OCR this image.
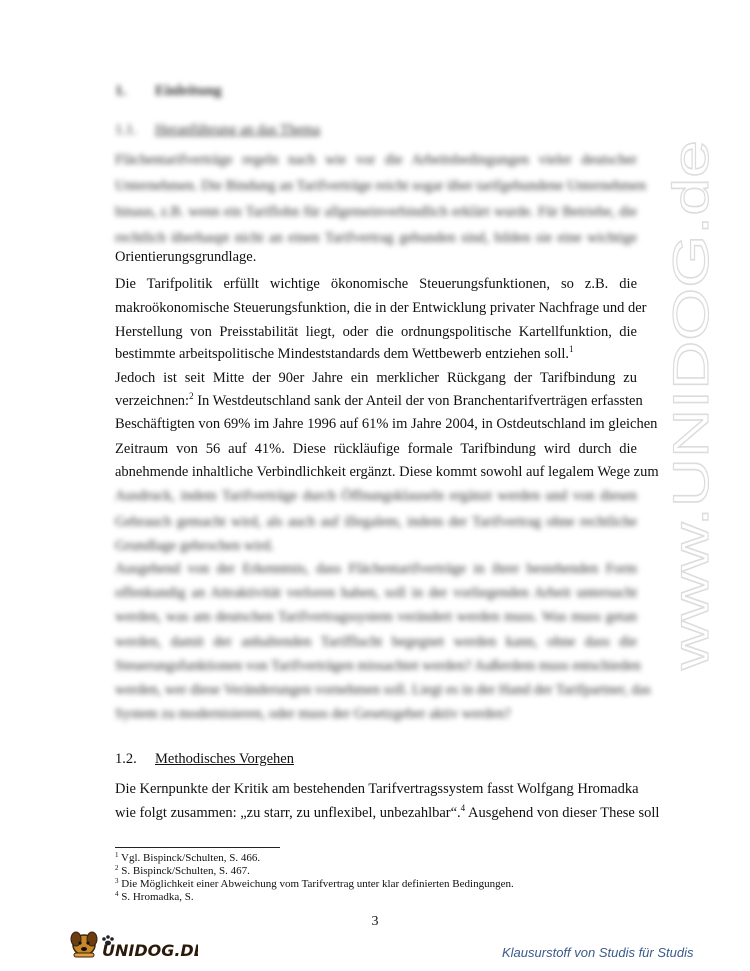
1. Einleitung
1.1. Heranführung an das Thema
Flächentarifverträge regeln nach wie vor die Arbeitsbedingungen vieler deutscher
Unternehmen. Die Bindung an Tarifverträge reicht sogar über tarifgebundene Unternehmen
hinaus, z.B. wenn ein Tariflohn für allgemeinverbindlich erklärt wurde. Für Betriebe, die
rechtlich überhaupt nicht an einen Tarifvertrag gebunden sind, bilden sie eine wichtige
Orientierungsgrundlage.
Die Tarifpolitik erfüllt wichtige ökonomische Steuerungsfunktionen, so z.B. die
makroökonomische Steuerungsfunktion, die in der Entwicklung privater Nachfrage und der
Herstellung von Preisstabilität liegt, oder die ordnungspolitische Kartellfunktion, die
bestimmte arbeitspolitische Mindeststandards dem Wettbewerb entziehen soll.$^1$
Jedoch ist seit Mitte der 90er Jahre ein merklicher Rückgang der Tarifbindung zu
verzeichnen:$^2$ In Westdeutschland sank der Anteil der von Branchentarifverträgen erfassten
Beschäftigten von 69% im Jahre 1996 auf 61% im Jahre 2004, in Ostdeutschland im gleichen
Zeitraum von 56 auf 41%. Diese rückläufige formale Tarifbindung wird durch die
abnehmende inhaltliche Verbindlichkeit ergänzt. Diese kommt sowohl auf legalem Wege zum
Ausdruck, indem Tarifverträge durch Öffnungsklauseln ergänzt werden und von diesen
Gebrauch gemacht wird, als auch auf illegalem, indem der Tarifvertrag ohne rechtliche
Grundlage gebrochen wird.
Ausgehend von der Erkenntnis, dass Flächentarifverträge in ihrer bestehenden Form
offenkundig an Attraktivität verloren haben, soll in der vorliegenden Arbeit untersucht
werden, was am deutschen Tarifvertragssystem verändert werden muss. Was muss getan
werden, damit der anhaltenden Tarifflucht begegnet werden kann, ohne dass die
Steuerungsfunktionen von Tarifverträgen missachtet werden? Außerdem muss entschieden
werden, wer diese Veränderungen vornehmen soll. Liegt es in der Hand der Tarifpartner, das
System zu modernisieren, oder muss der Gesetzgeber aktiv werden?
1.2. Methodisches Vorgehen
Die Kernpunkte der Kritik am bestehenden Tarifvertragssystem fasst Wolfgang Hromadka
wie folgt zusammen: „zu starr, zu unflexibel, unbezahlbar“.$^4$ Ausgehend von dieser These soll
$^1$ Vgl. Bispinck/Schulten, S. 466.
$^2$ S. Bispinck/Schulten, S. 467.
$^3$ Die Möglichkeit einer Abweichung vom Tarifvertrag unter klar definierten Bedingungen.
$^4$ S. Hromadka, S.
3
www.UNIDOG.de
UNIDOG.DE	Klausurstoff von Studis für Studis
